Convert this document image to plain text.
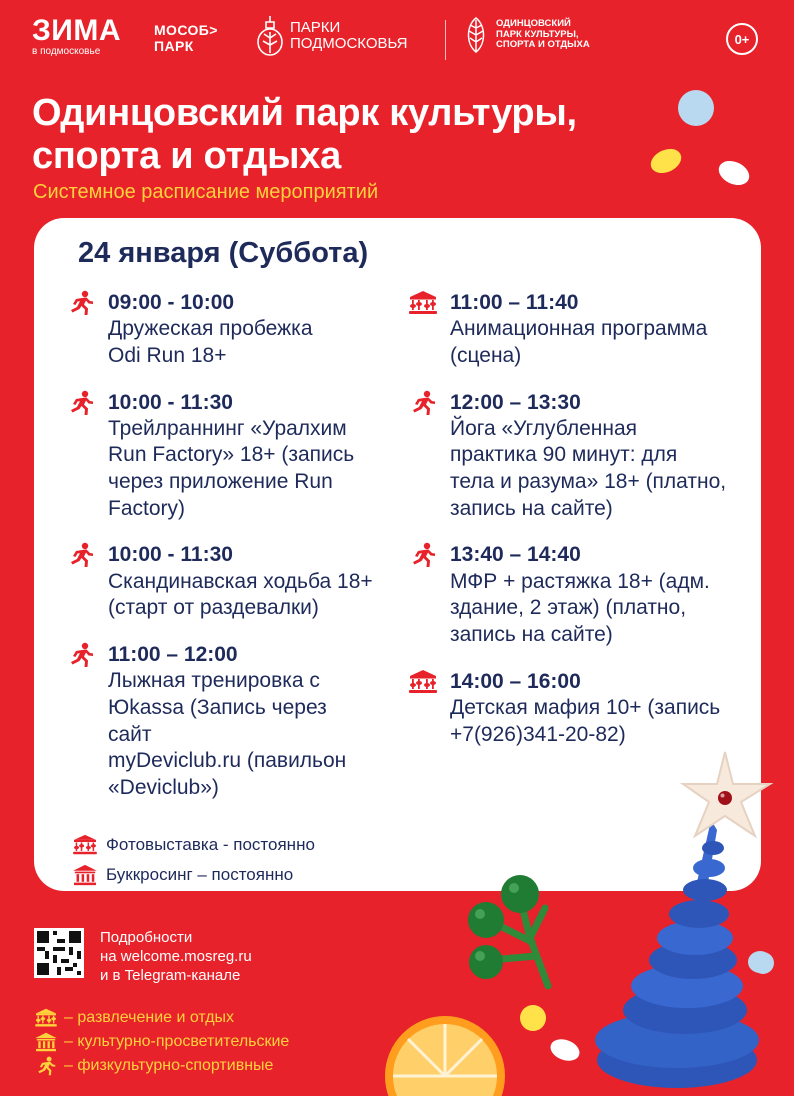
ЗИМА
в подмосковье
МОСОБ>
ПАРК
ПАРКИ
ПОДМОСКОВЬЯ
ОДИНЦОВСКИЙ
ПАРК КУЛЬТУРЫ,
СПОРТА И ОТДЫХА	0+
Одинцовский парк культуры,
спорта и отдыха
Системное расписание мероприятий
24 января (Суббота)
09:00 - 10:00
Дружеская пробежка
Odi Run 18+
10:00 - 11:30
Трейлраннинг «Уралхим
Run Factory» 18+ (запись
через приложение Run
Factory)
10:00 - 11:30
Скандинавская ходьба 18+
(старт от раздевалки)
11:00 – 12:00
Лыжная тренировка с
Юkassa (Запись через сайт
myDeviclub.ru (павильон
«Deviclub»)
11:00 – 11:40
Анимационная программа
(сцена)
12:00 – 13:30
Йога «Углубленная
практика 90 минут: для
тела и разума» 18+ (платно,
запись на сайте)
13:40 – 14:40
МФР + растяжка 18+ (адм.
здание, 2 этаж) (платно,
запись на сайте)
14:00 – 16:00
Детская мафия 10+ (запись
+7(926)341-20-82)
Фотовыставка - постоянно
Буккросинг – постоянно
Подробности
на welcome.mosreg.ru
и в Telegram-канале
– развлечение и отдых
– культурно-просветительские
– физкультурно-спортивные
